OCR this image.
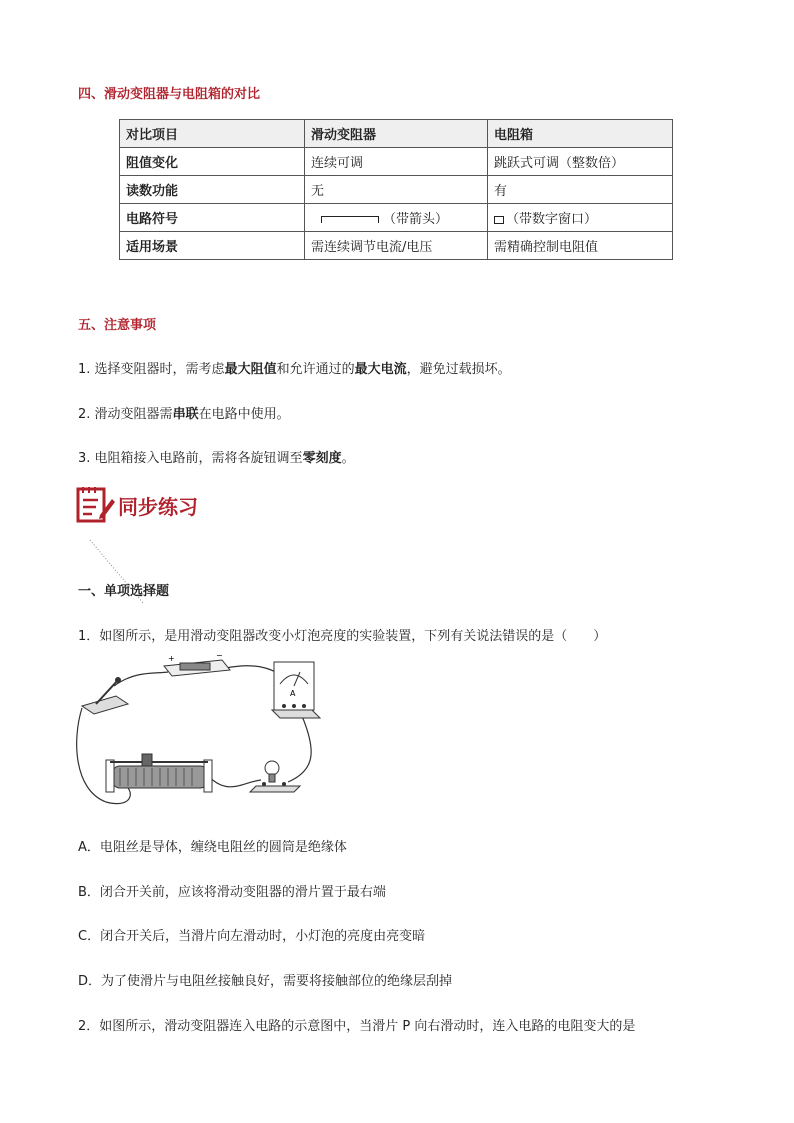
四、滑动变阻器与电阻箱的对比
对比项目	滑动变阻器	电阻箱
阻值变化	连续可调	跳跃式可调（整数倍）
读数功能	无	有
电路符号	（带箭头）	（带数字窗口）
适用场景	需连续调节电流/电压	需精确控制电阻值
五、注意事项
1. 选择变阻器时，需考虑最大阻值和允许通过的最大电流，避免过载损坏。
2. 滑动变阻器需串联在电路中使用。
3. 电阻箱接入电路前，需将各旋钮调至零刻度。
同步练习
一、单项选择题
1．如图所示，是用滑动变阻器改变小灯泡亮度的实验装置，下列有关说法错误的是（　　）
+	−
A
A．电阻丝是导体，缠绕电阻丝的圆筒是绝缘体
B．闭合开关前，应该将滑动变阻器的滑片置于最右端
C．闭合开关后，当滑片向左滑动时，小灯泡的亮度由亮变暗
D．为了使滑片与电阻丝接触良好，需要将接触部位的绝缘层刮掉
2．如图所示，滑动变阻器连入电路的示意图中，当滑片 P 向右滑动时，连入电路的电阻变大的是
